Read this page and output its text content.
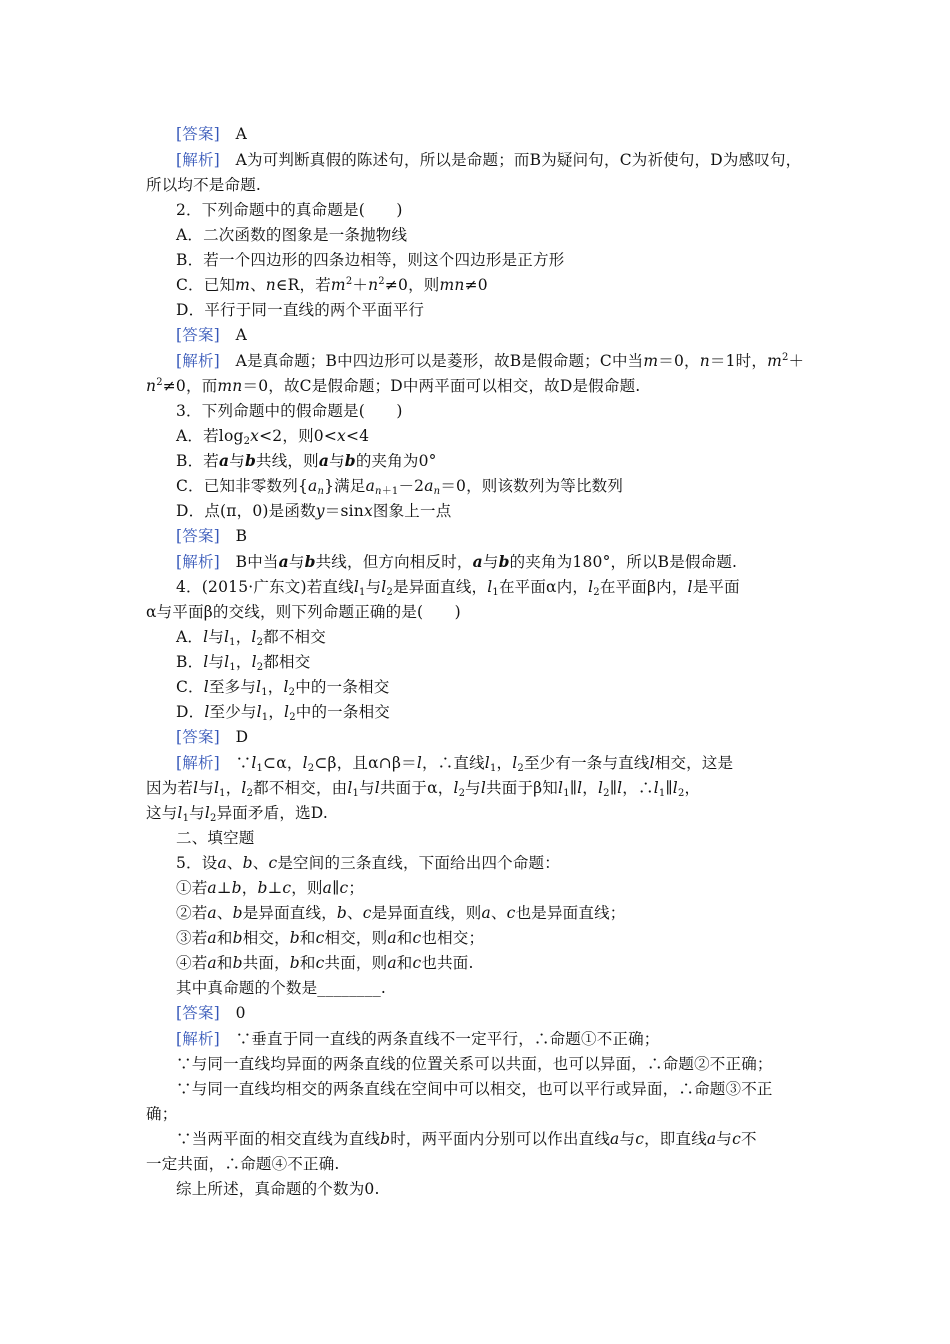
[答案]　A
[解析]　A为可判断真假的陈述句，所以是命题；而B为疑问句，C为祈使句，D为感叹句，
所以均不是命题.
2．下列命题中的真命题是(　　)
A．二次函数的图象是一条抛物线
B．若一个四边形的四条边相等，则这个四边形是正方形
C．已知m、n∈R，若$m^2+n^2\ne 0$，则mn≠0
D．平行于同一直线的两个平面平行
[答案]　A
[解析]　A是真命题；B中四边形可以是菱形，故B是假命题；C中当m＝0，n＝1时，$m^2+$
$n^2\ne 0$，而mn＝0，故C是假命题；D中两平面可以相交，故D是假命题.
3．下列命题中的假命题是(　　)
A．若$\log_2x<2$，则0<x<4
B．若a与b共线，则a与b的夹角为0°
C．已知非零数列$\{a_n\}$满足$a_{n+1}-2a_n=0$，则该数列为等比数列
D．点(π，0)是函数y＝sinx图象上一点
[答案]　B
[解析]　B中当a与b共线，但方向相反时，a与b的夹角为180°，所以B是假命题.
4．(2015·广东文)若直线$l_1$与$l_2$是异面直线，$l_1$在平面α内，$l_2$在平面β内，l是平面
α与平面β的交线，则下列命题正确的是(　　)
A．l与$l_1$，$l_2$都不相交
B．l与$l_1$，$l_2$都相交
C．l至多与$l_1$，$l_2$中的一条相交
D．l至少与$l_1$，$l_2$中的一条相交
[答案]　D
[解析]　$\because l_1\subset\alpha$，$l_2\subset\beta$，且α∩β＝l，∴直线$l_1$，$l_2$至少有一条与直线l相交，这是
因为若l与$l_1$，$l_2$都不相交，由$l_1$与l共面于α，$l_2$与l共面于β知$l_1\parallel l$，$l_2\parallel l$，$\therefore l_1\parallel l_2$，
这与$l_1$与$l_2$异面矛盾，选D.
二、填空题
5．设a、b、c是空间的三条直线，下面给出四个命题：
①若a⊥b，b⊥c，则a∥c；
②若a、b是异面直线，b、c是异面直线，则a、c也是异面直线；
③若a和b相交，b和c相交，则a和c也相交；
④若a和b共面，b和c共面，则a和c也共面.
其中真命题的个数是________.
[答案]　0
[解析]　∵垂直于同一直线的两条直线不一定平行，∴命题①不正确；
∵与同一直线均异面的两条直线的位置关系可以共面，也可以异面，∴命题②不正确；
∵与同一直线均相交的两条直线在空间中可以相交，也可以平行或异面，∴命题③不正
确；
∵当两平面的相交直线为直线b时，两平面内分别可以作出直线a与c，即直线a与c不
一定共面，∴命题④不正确.
综上所述，真命题的个数为0.
